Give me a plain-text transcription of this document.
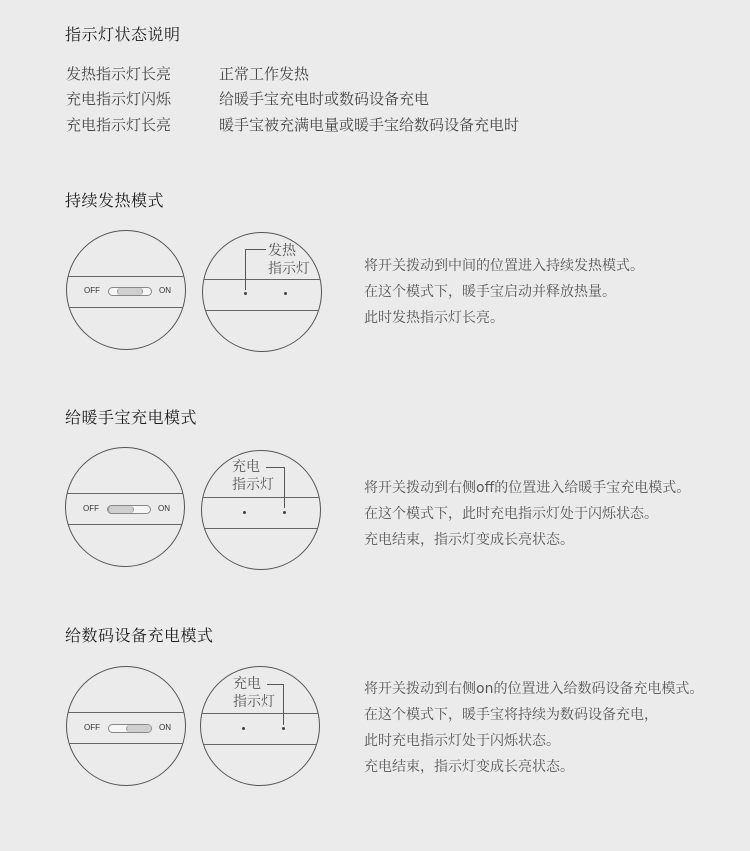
指示灯状态说明
发热指示灯长亮	正常工作发热
充电指示灯闪烁	给暖手宝充电时或数码设备充电
充电指示灯长亮	暖手宝被充满电量或暖手宝给数码设备充电时
持续发热模式
OFF	ON
发热
指示灯	将开关拨动到中间的位置进入持续发热模式。
在这个模式下，暖手宝启动并释放热量。
此时发热指示灯长亮。
给暖手宝充电模式
OFF	ON
充电
指示灯	将开关拨动到右侧off的位置进入给暖手宝充电模式。
在这个模式下，此时充电指示灯处于闪烁状态。
充电结束，指示灯变成长亮状态。
给数码设备充电模式
OFF	ON
充电
指示灯
将开关拨动到右侧on的位置进入给数码设备充电模式。
在这个模式下，暖手宝将持续为数码设备充电，
此时充电指示灯处于闪烁状态。
充电结束，指示灯变成长亮状态。
